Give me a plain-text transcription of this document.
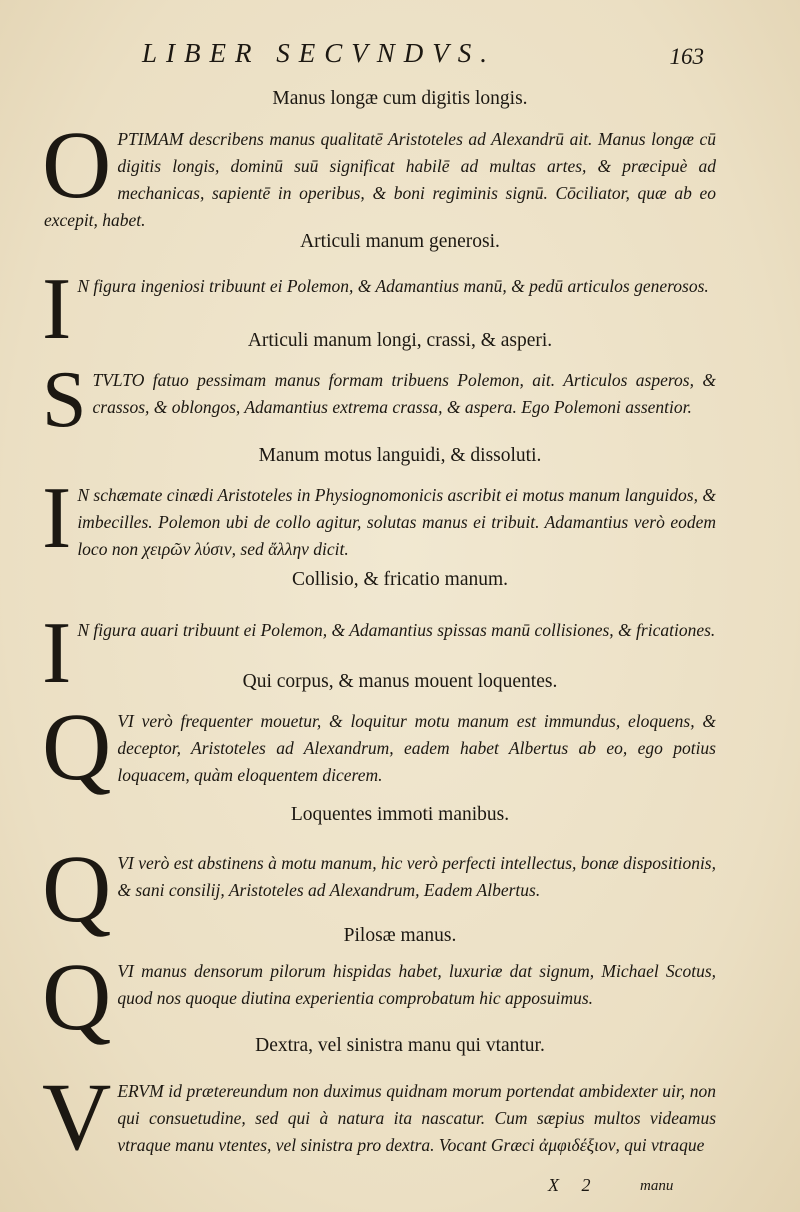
LIBER SECVNDVS.	163
Manus longæ cum digitis longis.
O PTIMAM describens manus qualitatē Aristoteles ad Alexandrū ait. Manus longæ cū digitis longis, dominū suū significat habilē ad multas artes, & præcipuè ad mechanicas, sapientē in operibus, & boni regiminis signū. Cōciliator, quæ ab eo excepit, habet.

Articuli manum generosi.
I N figura ingeniosi tribuunt ei Polemon, & Adamantius manū, & pedū articulos generosos.

Articuli manum longi, crassi, & asperi.
S TVLTO fatuo pessimam manus formam tribuens Polemon, ait. Articulos asperos, & crassos, & oblongos, Adamantius extrema crassa, & aspera. Ego Polemoni assentior.

Manum motus languidi, & dissoluti.
I N schæmate cinædi Aristoteles in Physiognomonicis ascribit ei motus manum languidos, & imbecilles. Polemon ubi de collo agitur, solutas manus ei tribuit. Adamantius verò eodem loco non χειρῶν λύσιν, sed ἄλλην dicit.

Collisio, & fricatio manum.
I N figura auari tribuunt ei Polemon, & Adamantius spissas manū collisiones, & fricationes.

Qui corpus, & manus mouent loquentes.
Q VI verò frequenter mouetur, & loquitur motu manum est immundus, eloquens, & deceptor, Aristoteles ad Alexandrum, eadem habet Albertus ab eo, ego potius loquacem, quàm eloquentem dicerem.

Loquentes immoti manibus.
Q VI verò est abstinens à motu manum, hic verò perfecti intellectus, bonæ dispositionis, & sani consilij, Aristoteles ad Alexandrum, Eadem Albertus.

Pilosæ manus.
Q VI manus densorum pilorum hispidas habet, luxuriæ dat signum, Michael Scotus, quod nos quoque diutina experientia comprobatum hic apposuimus.

Dextra, vel sinistra manu qui vtantur.
V ERVM id prætereundum non duximus quidnam morum portendat ambidexter uir, non qui consuetudine, sed qui à natura ita nascatur. Cum sæpius multos videamus vtraque manu vtentes, vel sinistra pro dextra. Vocant Græci ἀμφιδέξιον, qui vtraque

X 2	manu
